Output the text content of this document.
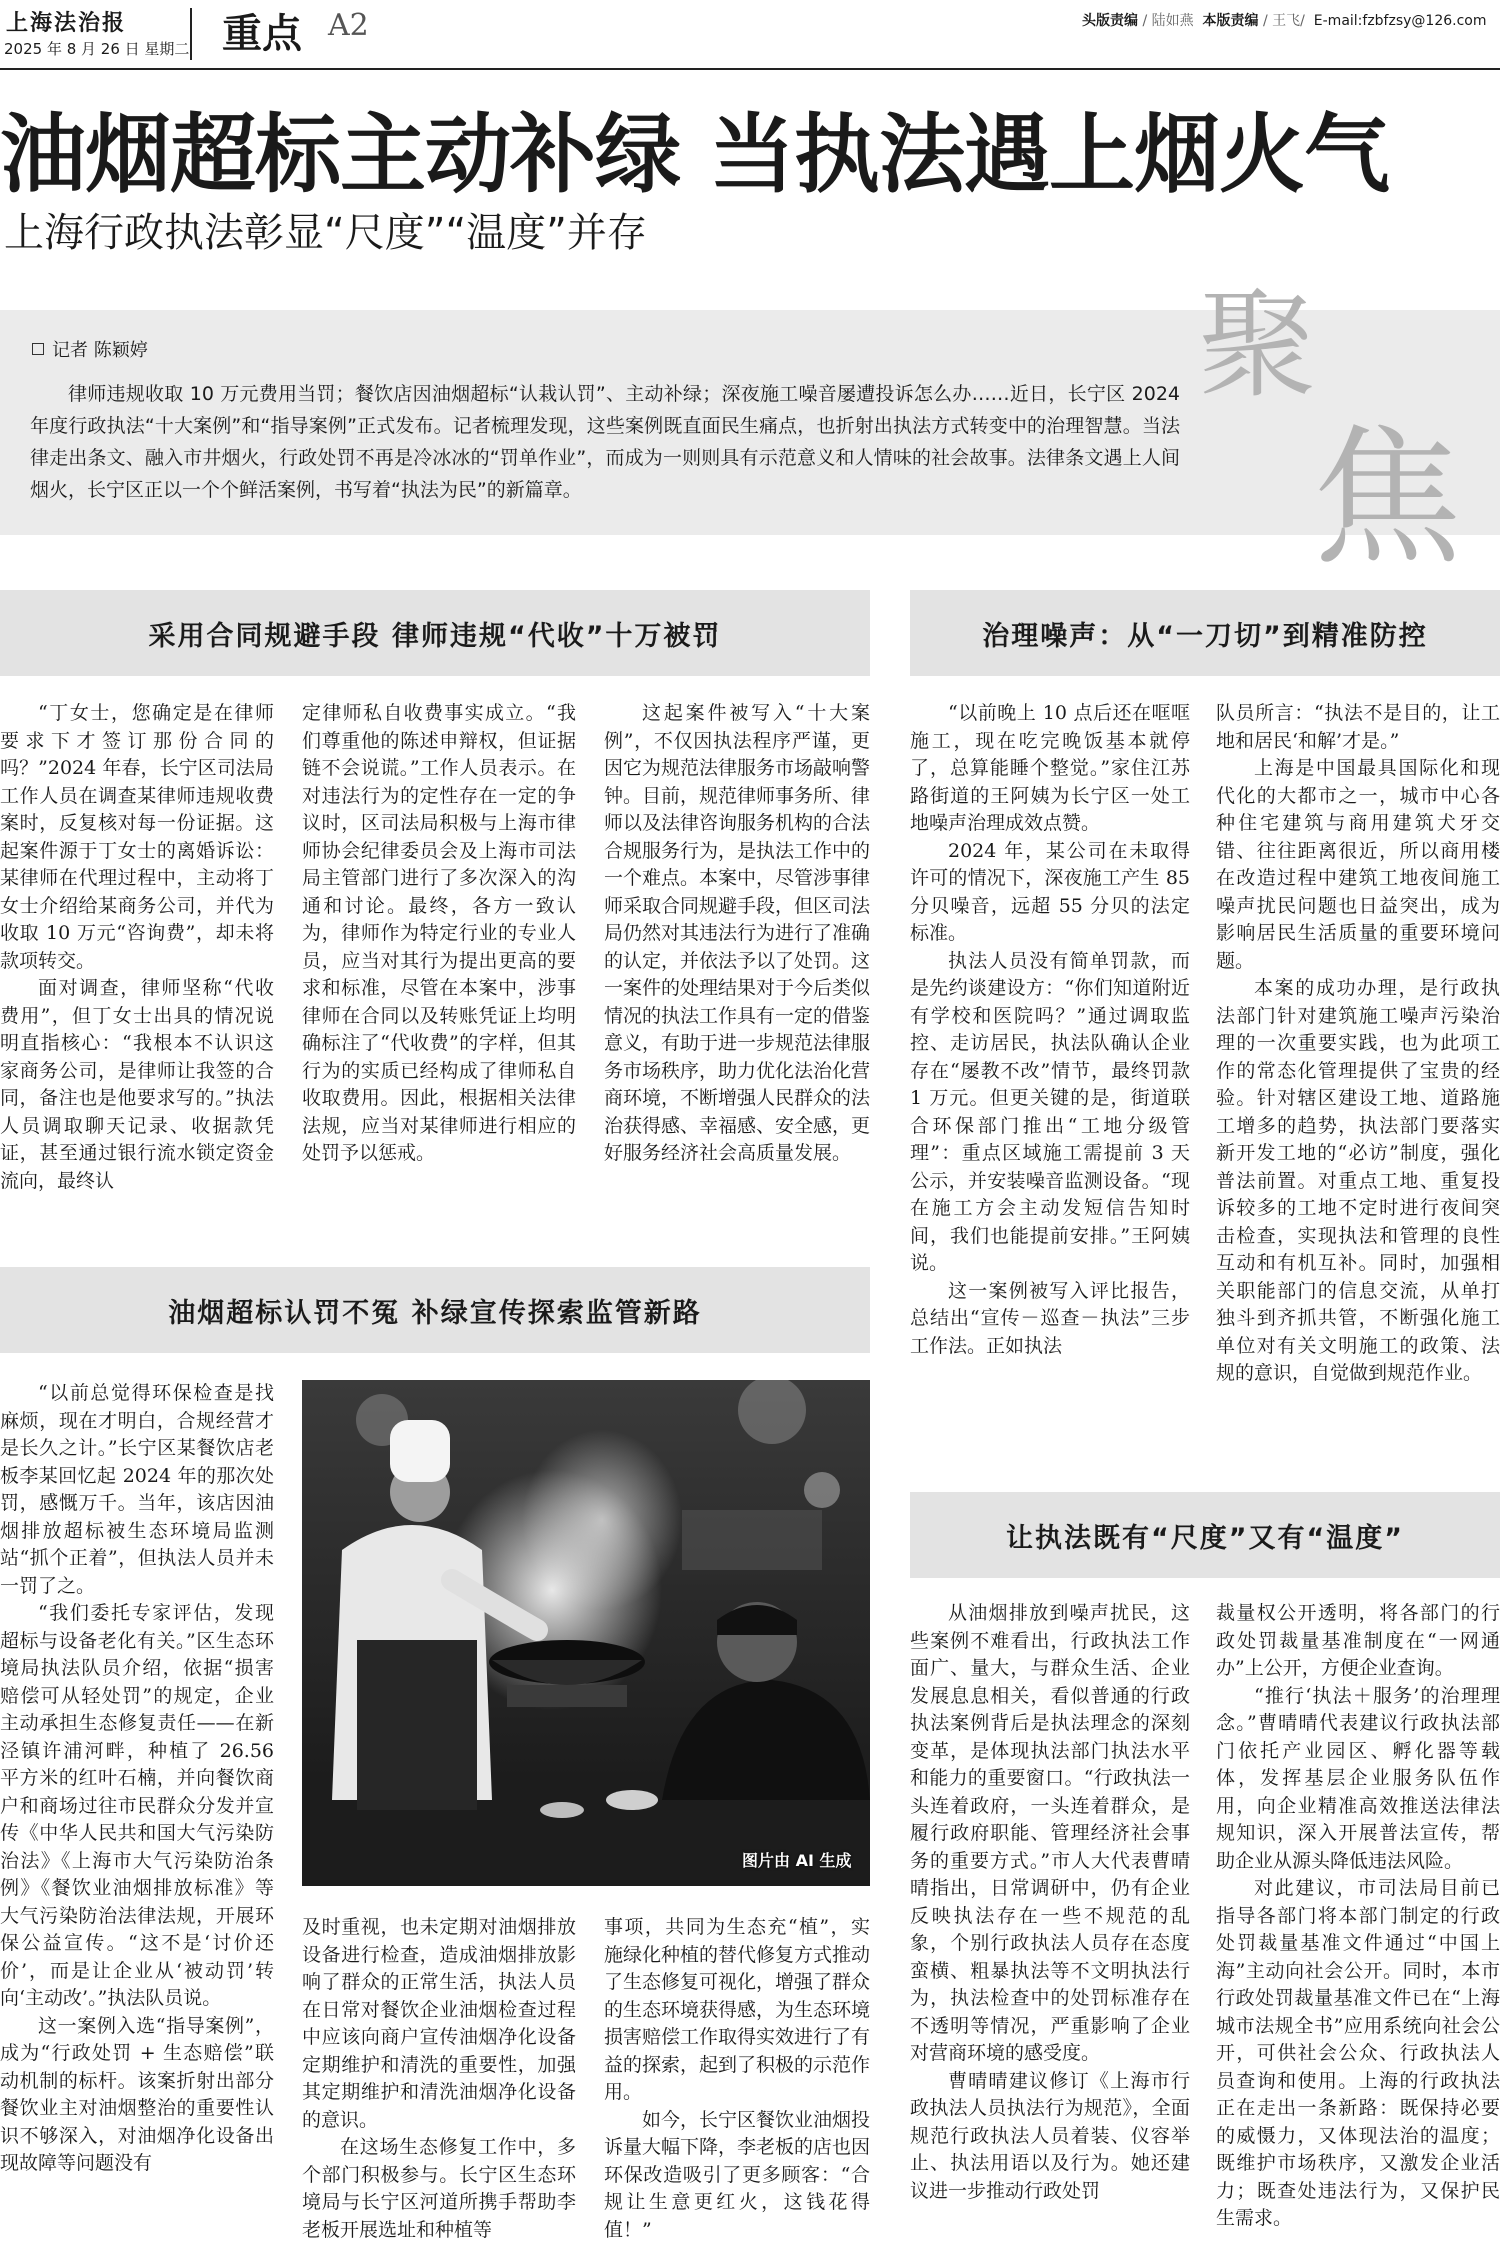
上海法治报
2025 年 8 月 26 日 星期二 重点 A2	头版责编 / 陆如燕 本版责编 / 王飞/ E-mail:fzbfzsy@126.com
油烟超标主动补绿 当执法遇上烟火气
上海行政执法彰显“尺度”“温度”并存
记者 陈颖婷
律师违规收取 10 万元费用当罚；餐饮店因油烟超标“认栽认罚”、主动补绿；深夜施工噪音屡遭投诉怎么办……近日，长宁区 2024 年度行政执法“十大案例”和“指导案例”正式发布。记者梳理发现，这些案例既直面民生痛点，也折射出执法方式转变中的治理智慧。当法律走出条文、融入市井烟火，行政处罚不再是冷冰冰的“罚单作业”，而成为一则则具有示范意义和人情味的社会故事。法律条文遇上人间烟火，长宁区正以一个个鲜活案例，书写着“执法为民”的新篇章。
聚
焦
采用合同规避手段 律师违规“代收”十万被罚
油烟超标认罚不冤 补绿宣传探索监管新路
治理噪声：从“一刀切”到精准防控
让执法既有“尺度”又有“温度”

“丁女士，您确定是在律师要求下才签订那份合同的吗？”2024 年春，长宁区司法局工作人员在调查某律师违规收费案时，反复核对每一份证据。这起案件源于丁女士的离婚诉讼：某律师在代理过程中，主动将丁女士介绍给某商务公司，并代为收取 10 万元“咨询费”，却未将款项转交。

面对调查，律师坚称“代收费用”，但丁女士出具的情况说明直指核心：“我根本不认识这家商务公司，是律师让我签的合同，备注也是他要求写的。”执法人员调取聊天记录、收据款凭证，甚至通过银行流水锁定资金流向，最终认

定律师私自收费事实成立。“我们尊重他的陈述申辩权，但证据链不会说谎。”工作人员表示。在对违法行为的定性存在一定的争议时，区司法局积极与上海市律师协会纪律委员会及上海市司法局主管部门进行了多次深入的沟通和讨论。最终，各方一致认为，律师作为特定行业的专业人员，应当对其行为提出更高的要求和标准，尽管在本案中，涉事律师在合同以及转账凭证上均明确标注了“代收费”的字样，但其行为的实质已经构成了律师私自收取费用。因此，根据相关法律法规，应当对某律师进行相应的处罚予以惩戒。

这起案件被写入“十大案例”，不仅因执法程序严谨，更因它为规范法律服务市场敲响警钟。目前，规范律师事务所、律师以及法律咨询服务机构的合法合规服务行为，是执法工作中的一个难点。本案中，尽管涉事律师采取合同规避手段，但区司法局仍然对其违法行为进行了准确的认定，并依法予以了处罚。这一案件的处理结果对于今后类似情况的执法工作具有一定的借鉴意义，有助于进一步规范法律服务市场秩序，助力优化法治化营商环境，不断增强人民群众的法治获得感、幸福感、安全感，更好服务经济社会高质量发展。

“以前总觉得环保检查是找麻烦，现在才明白，合规经营才是长久之计。”长宁区某餐饮店老板李某回忆起 2024 年的那次处罚，感慨万千。当年，该店因油烟排放超标被生态环境局监测站“抓个正着”，但执法人员并未一罚了之。

“我们委托专家评估，发现超标与设备老化有关。”区生态环境局执法队员介绍，依据“损害赔偿可从轻处罚”的规定，企业主动承担生态修复责任——在新泾镇许浦河畔，种植了 26.56 平方米的红叶石楠，并向餐饮商户和商场过往市民群众分发并宣传《中华人民共和国大气污染防治法》《上海市大气污染防治条例》《餐饮业油烟排放标准》等大气污染防治法律法规，开展环保公益宣传。“这不是‘讨价还价’，而是让企业从‘被动罚’转向‘主动改’。”执法队员说。

这一案例入选“指导案例”，成为“行政处罚 + 生态赔偿”联动机制的标杆。该案折射出部分餐饮业主对油烟整治的重要性认识不够深入，对油烟净化设备出现故障等问题没有

图片由 AI 生成

及时重视，也未定期对油烟排放设备进行检查，造成油烟排放影响了群众的正常生活，执法人员在日常对餐饮企业油烟检查过程中应该向商户宣传油烟净化设备定期维护和清洗的重要性，加强其定期维护和清洗油烟净化设备的意识。

在这场生态修复工作中，多个部门积极参与。长宁区生态环境局与长宁区河道所携手帮助李老板开展选址和种植等

事项，共同为生态充“植”，实施绿化种植的替代修复方式推动了生态修复可视化，增强了群众的生态环境获得感，为生态环境损害赔偿工作取得实效进行了有益的探索，起到了积极的示范作用。

如今，长宁区餐饮业油烟投诉量大幅下降，李老板的店也因环保改造吸引了更多顾客：“合规让生意更红火，这钱花得值！”

“以前晚上 10 点后还在哐哐施工，现在吃完晚饭基本就停了，总算能睡个整觉。”家住江苏路街道的王阿姨为长宁区一处工地噪声治理成效点赞。

2024 年，某公司在未取得许可的情况下，深夜施工产生 85 分贝噪音，远超 55 分贝的法定标准。

执法人员没有简单罚款，而是先约谈建设方：“你们知道附近有学校和医院吗？”通过调取监控、走访居民，执法队确认企业存在“屡教不改”情节，最终罚款 1 万元。但更关键的是，街道联合环保部门推出“工地分级管理”：重点区域施工需提前 3 天公示，并安装噪音监测设备。“现在施工方会主动发短信告知时间，我们也能提前安排。”王阿姨说。

这一案例被写入评比报告，总结出“宣传－巡查－执法”三步工作法。正如执法

队员所言：“执法不是目的，让工地和居民‘和解’才是。”

上海是中国最具国际化和现代化的大都市之一，城市中心各种住宅建筑与商用建筑犬牙交错、往往距离很近，所以商用楼在改造过程中建筑工地夜间施工噪声扰民问题也日益突出，成为影响居民生活质量的重要环境问题。

本案的成功办理，是行政执法部门针对建筑施工噪声污染治理的一次重要实践，也为此项工作的常态化管理提供了宝贵的经验。针对辖区建设工地、道路施工增多的趋势，执法部门要落实新开发工地的“必访”制度，强化普法前置。对重点工地、重复投诉较多的工地不定时进行夜间突击检查，实现执法和管理的良性互动和有机互补。同时，加强相关职能部门的信息交流，从单打独斗到齐抓共管，不断强化施工单位对有关文明施工的政策、法规的意识，自觉做到规范作业。

从油烟排放到噪声扰民，这些案例不难看出，行政执法工作面广、量大，与群众生活、企业发展息息相关，看似普通的行政执法案例背后是执法理念的深刻变革，是体现执法部门执法水平和能力的重要窗口。“行政执法一头连着政府，一头连着群众，是履行政府职能、管理经济社会事务的重要方式。”市人大代表曹晴晴指出，日常调研中，仍有企业反映执法存在一些不规范的乱象，个别行政执法人员存在态度蛮横、粗暴执法等不文明执法行为，执法检查中的处罚标准存在不透明等情况，严重影响了企业对营商环境的感受度。

曹晴晴建议修订《上海市行政执法人员执法行为规范》，全面规范行政执法人员着装、仪容举止、执法用语以及行为。她还建议进一步推动行政处罚

裁量权公开透明，将各部门的行政处罚裁量基准制度在“一网通办”上公开，方便企业查询。

“推行‘执法＋服务’的治理理念。”曹晴晴代表建议行政执法部门依托产业园区、孵化器等载体，发挥基层企业服务队伍作用，向企业精准高效推送法律法规知识，深入开展普法宣传，帮助企业从源头降低违法风险。

对此建议，市司法局目前已指导各部门将本部门制定的行政处罚裁量基准文件通过“中国上海”主动向社会公开。同时，本市行政处罚裁量基准文件已在“上海城市法规全书”应用系统向社会公开，可供社会公众、行政执法人员查询和使用。上海的行政执法正在走出一条新路：既保持必要的威慑力，又体现法治的温度；既维护市场秩序，又激发企业活力；既查处违法行为，又保护民生需求。
